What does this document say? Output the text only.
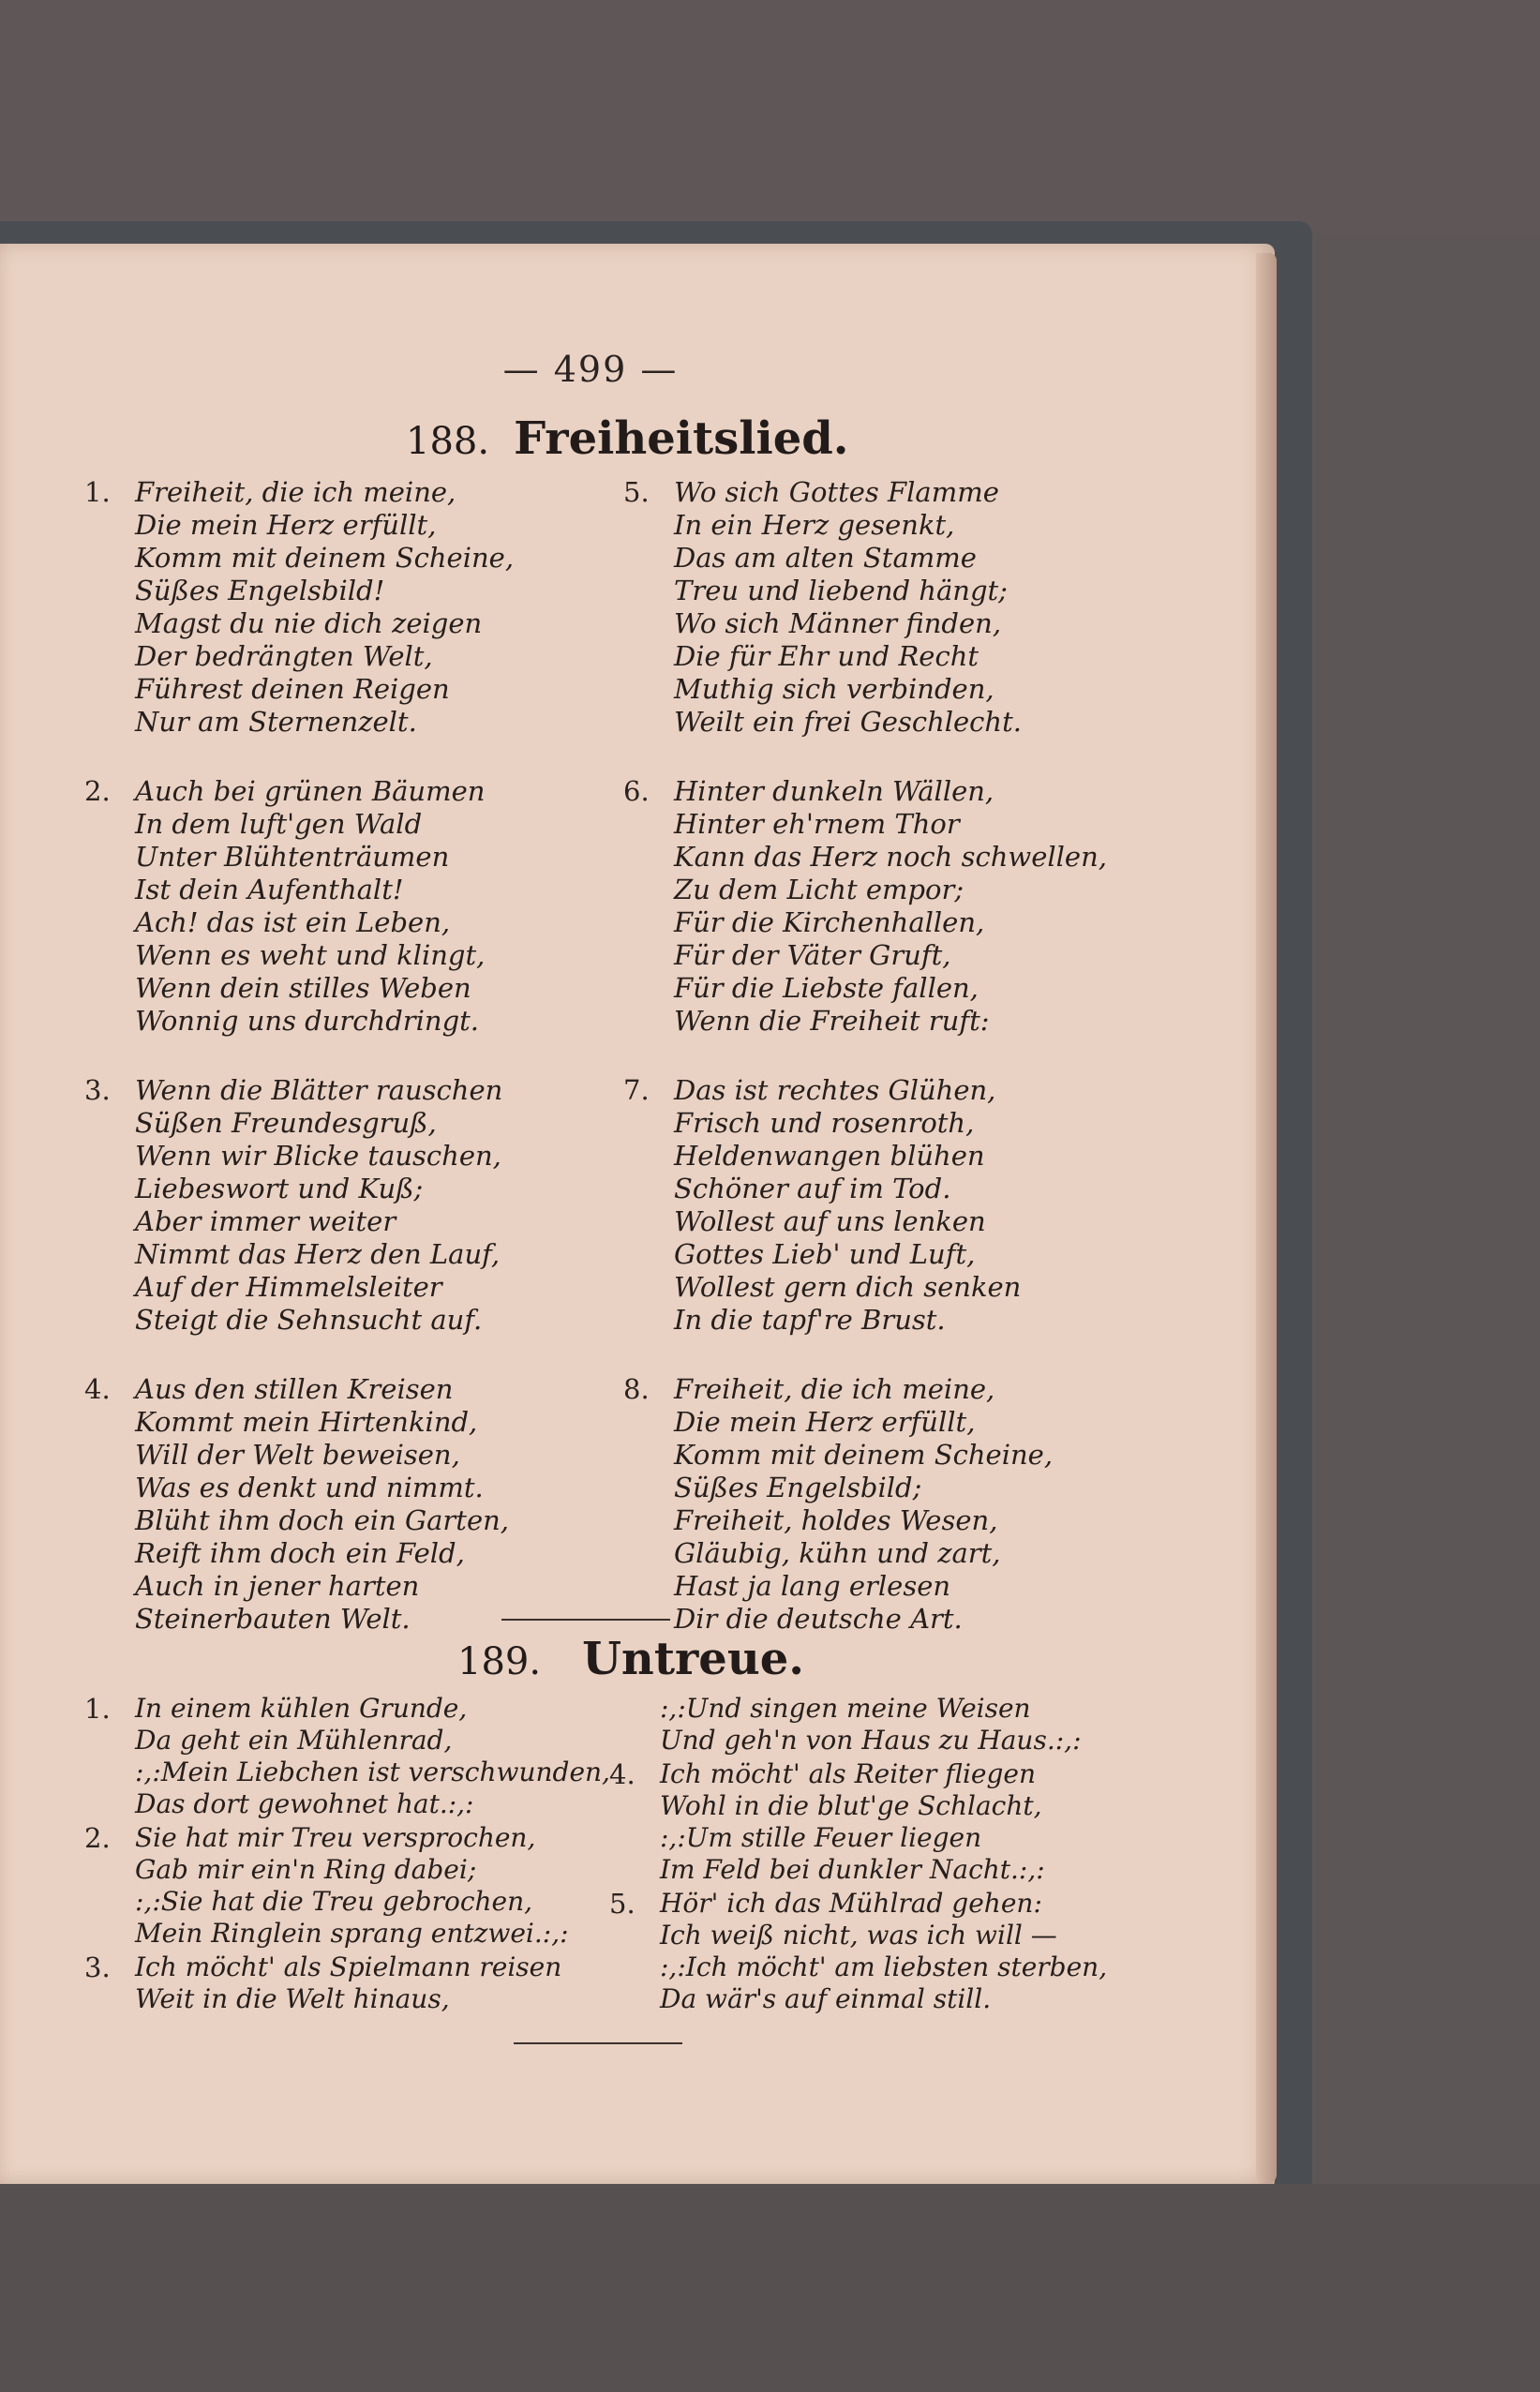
— 499 —
188. Freiheitslied.
1. Freiheit, die ich meine,
Die mein Herz erfüllt,
Komm mit deinem Scheine,
Süßes Engelsbild!
Magst du nie dich zeigen
Der bedrängten Welt,
Führest deinen Reigen
Nur am Sternenzelt.
2. Auch bei grünen Bäumen
In dem luft'gen Wald
Unter Blühtenträumen
Ist dein Aufenthalt!
Ach! das ist ein Leben,
Wenn es weht und klingt,
Wenn dein stilles Weben
Wonnig uns durchdringt.
3. Wenn die Blätter rauschen
Süßen Freundesgruß,
Wenn wir Blicke tauschen,
Liebeswort und Kuß;
Aber immer weiter
Nimmt das Herz den Lauf,
Auf der Himmelsleiter
Steigt die Sehnsucht auf.
4. Aus den stillen Kreisen
Kommt mein Hirtenkind,
Will der Welt beweisen,
Was es denkt und nimmt.
Blüht ihm doch ein Garten,
Reift ihm doch ein Feld,
Auch in jener harten
Steinerbauten Welt.
5. Wo sich Gottes Flamme
In ein Herz gesenkt,
Das am alten Stamme
Treu und liebend hängt;
Wo sich Männer finden,
Die für Ehr und Recht
Muthig sich verbinden,
Weilt ein frei Geschlecht.
6. Hinter dunkeln Wällen,
Hinter eh'rnem Thor
Kann das Herz noch schwellen,
Zu dem Licht empor;
Für die Kirchenhallen,
Für der Väter Gruft,
Für die Liebste fallen,
Wenn die Freiheit ruft:
7. Das ist rechtes Glühen,
Frisch und rosenroth,
Heldenwangen blühen
Schöner auf im Tod.
Wollest auf uns lenken
Gottes Lieb' und Luft,
Wollest gern dich senken
In die tapf're Brust.
8. Freiheit, die ich meine,
Die mein Herz erfüllt,
Komm mit deinem Scheine,
Süßes Engelsbild;
Freiheit, holdes Wesen,
Gläubig, kühn und zart,
Hast ja lang erlesen
Dir die deutsche Art.
189. Untreue.
1. In einem kühlen Grunde,
Da geht ein Mühlenrad,
:,:Mein Liebchen ist verschwunden,
Das dort gewohnet hat.:,:
2. Sie hat mir Treu versprochen,
Gab mir ein'n Ring dabei;
:,:Sie hat die Treu gebrochen,
Mein Ringlein sprang entzwei.:,:
3. Ich möcht' als Spielmann reisen
Weit in die Welt hinaus,
:,:Und singen meine Weisen
Und geh'n von Haus zu Haus.:,:
4. Ich möcht' als Reiter fliegen
Wohl in die blut'ge Schlacht,
:,:Um stille Feuer liegen
Im Feld bei dunkler Nacht.:,:
5. Hör' ich das Mühlrad gehen:
Ich weiß nicht, was ich will —
:,:Ich möcht' am liebsten sterben,
Da wär's auf einmal still.
